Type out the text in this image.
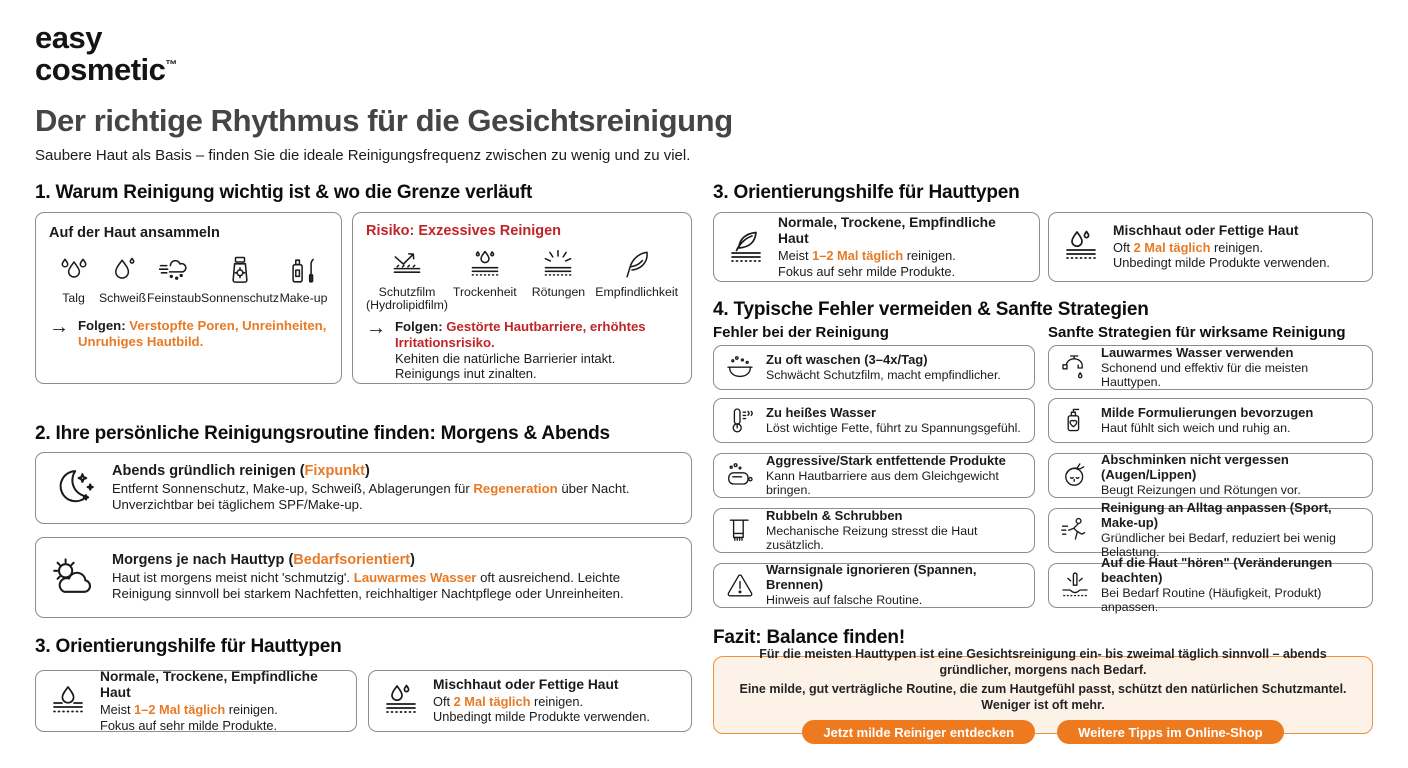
easy
cosmetic™
Der richtige Rhythmus für die Gesichtsreinigung
Saubere Haut als Basis – finden Sie die ideale Reinigungsfrequenz zwischen zu wenig und zu viel.
1. Warum Reinigung wichtig ist & wo die Grenze verläuft
Auf der Haut ansammeln
Talg Schweiß Feinstaub Sonnenschutz Make-up
→ Folgen: Verstopfte Poren, Unreinheiten, Unruhiges Hautbild.
Risiko: Exzessives Reinigen
Schutzfilm (Hydrolipidfilm)
Trockenheit Rötungen Empfindlichkeit
→ Folgen: Gestörte Hautbarriere, erhöhtes Irritationsrisiko.
Kehiten die natürliche Barrierier intakt.
Reinigungs inut zinalten.
2. Ihre persönliche Reinigungsroutine finden: Morgens & Abends
Abends gründlich reinigen (Fixpunkt)
Entfernt Sonnenschutz, Make-up, Schweiß, Ablagerungen für Regeneration über Nacht.
Unverzichtbar bei täglichem SPF/Make-up.
Morgens je nach Hauttyp (Bedarfsorientiert)
Haut ist morgens meist nicht 'schmutzig'. Lauwarmes Wasser oft ausreichend. Leichte Reinigung sinnvoll bei starkem Nachfetten, reichhaltiger Nachtpflege oder Unreinheiten.
3. Orientierungshilfe für Hauttypen
Normale, Trockene, Empfindliche Haut
Meist 1–2 Mal täglich reinigen.
Fokus auf sehr milde Produkte.
Mischhaut oder Fettige Haut
Oft 2 Mal täglich reinigen.
Unbedingt milde Produkte verwenden.
3. Orientierungshilfe für Hauttypen
Normale, Trockene, Empfindliche Haut
Meist 1–2 Mal täglich reinigen.
Fokus auf sehr milde Produkte.
Mischhaut oder Fettige Haut
Oft 2 Mal täglich reinigen.
Unbedingt milde Produkte verwenden.
4. Typische Fehler vermeiden & Sanfte Strategien
Fehler bei der Reinigung	Sanfte Strategien für wirksame Reinigung
Zu oft waschen (3–4x/Tag)
Schwächt Schutzfilm, macht empfindlicher.
Zu heißes Wasser
Löst wichtige Fette, führt zu Spannungsgefühl.
Aggressive/Stark entfettende Produkte
Kann Hautbarriere aus dem Gleichgewicht bringen.
Rubbeln & Schrubben
Mechanische Reizung stresst die Haut zusätzlich.
Warnsignale ignorieren (Spannen, Brennen)
Hinweis auf falsche Routine.
Lauwarmes Wasser verwenden
Schonend und effektiv für die meisten Hauttypen.
Milde Formulierungen bevorzugen
Haut fühlt sich weich und ruhig an.
Abschminken nicht vergessen (Augen/Lippen)
Beugt Reizungen und Rötungen vor.
Reinigung an Alltag anpassen (Sport, Make-up)
Gründlicher bei Bedarf, reduziert bei wenig Belastung.
Auf die Haut "hören" (Veränderungen beachten)
Bei Bedarf Routine (Häufigkeit, Produkt) anpassen.
Fazit: Balance finden!
Für die meisten Hauttypen ist eine Gesichtsreinigung ein- bis zweimal täglich sinnvoll – abends gründlicher, morgens nach Bedarf.
Eine milde, gut verträgliche Routine, die zum Hautgefühl passt, schützt den natürlichen Schutzmantel. Weniger ist oft mehr.
Jetzt milde Reiniger entdecken	Weitere Tipps im Online-Shop
